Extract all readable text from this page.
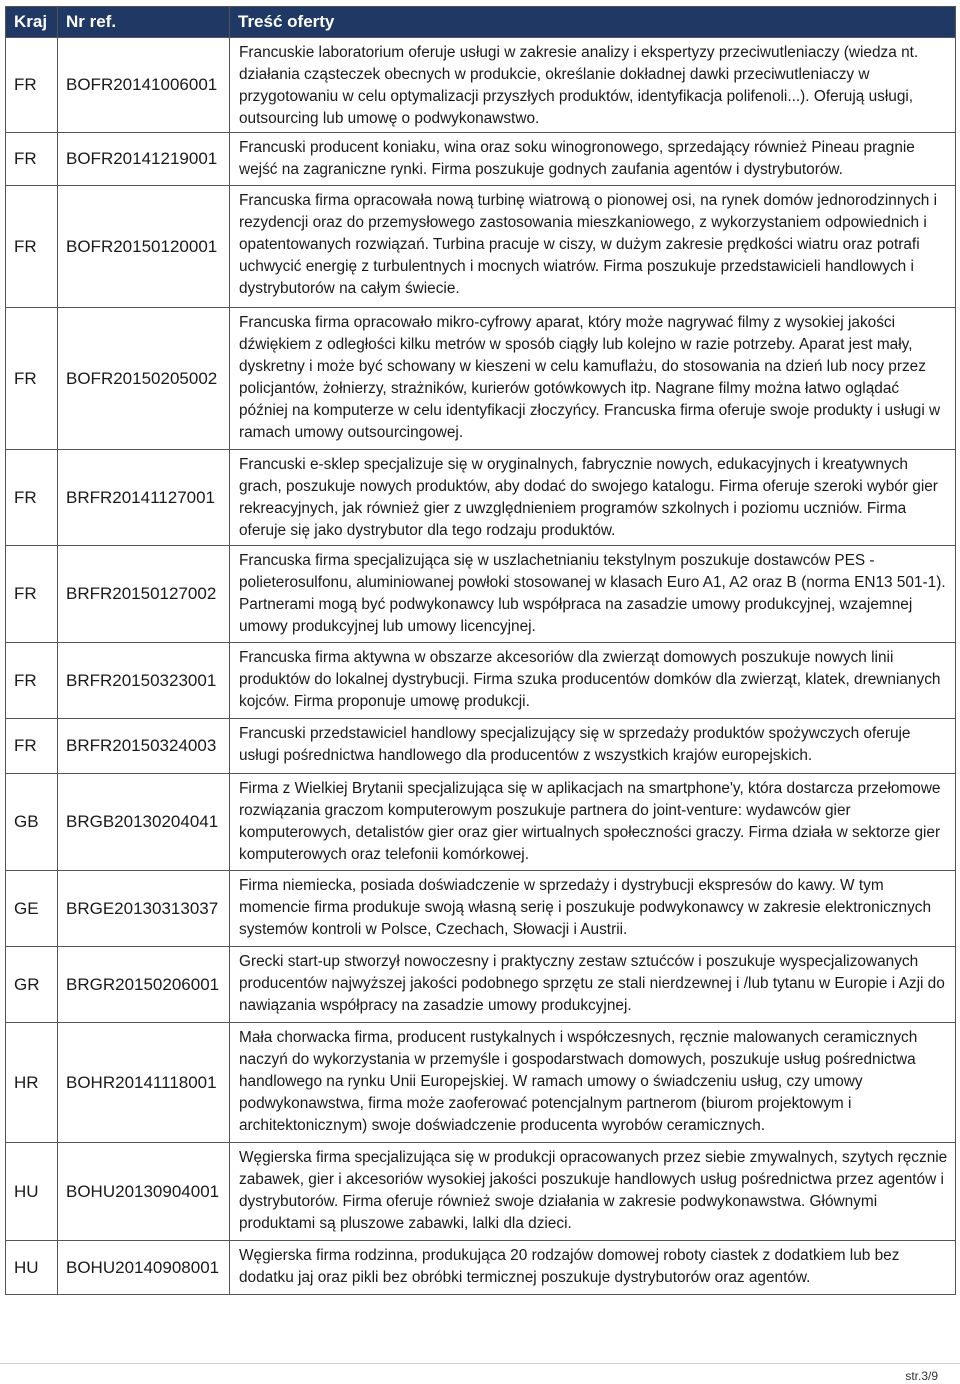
Kraj	Nr ref.	Treść oferty
FR	BOFR20141006001	Francuskie laboratorium oferuje usługi w zakresie analizy i ekspertyzy przeciwutleniaczy (wiedza nt. działania cząsteczek obecnych w produkcie, określanie dokładnej dawki przeciwutleniaczy w przygotowaniu w celu optymalizacji przyszłych produktów, identyfikacja polifenoli...). Oferują usługi, outsourcing lub umowę o podwykonawstwo.
FR	BOFR20141219001	Francuski producent koniaku, wina oraz soku winogronowego, sprzedający również Pineau pragnie wejść na zagraniczne rynki. Firma poszukuje godnych zaufania agentów i dystrybutorów.
FR	BOFR20150120001	Francuska firma opracowała nową turbinę wiatrową o pionowej osi, na rynek domów jednorodzinnych i rezydencji oraz do przemysłowego zastosowania mieszkaniowego, z wykorzystaniem odpowiednich i opatentowanych rozwiązań. Turbina pracuje w ciszy, w dużym zakresie prędkości wiatru oraz potrafi uchwycić energię z turbulentnych i mocnych wiatrów. Firma poszukuje przedstawicieli handlowych i dystrybutorów na całym świecie.
FR	BOFR20150205002	Francuska firma opracowało mikro-cyfrowy aparat, który może nagrywać filmy z wysokiej jakości dźwiękiem z odległości kilku metrów w sposób ciągły lub kolejno w razie potrzeby. Aparat jest mały, dyskretny i może być schowany w kieszeni w celu kamuflażu, do stosowania na dzień lub nocy przez policjantów, żołnierzy, strażników, kurierów gotówkowych itp. Nagrane filmy można łatwo oglądać później na komputerze w celu identyfikacji złoczyńcy. Francuska firma oferuje swoje produkty i usługi w ramach umowy outsourcingowej.
FR	BRFR20141127001	Francuski e-sklep specjalizuje się w oryginalnych, fabrycznie nowych, edukacyjnych i kreatywnych grach, poszukuje nowych produktów, aby dodać do swojego katalogu. Firma oferuje szeroki wybór gier rekreacyjnych, jak również gier z uwzględnieniem programów szkolnych i poziomu uczniów. Firma oferuje się jako dystrybutor dla tego rodzaju produktów.
FR	BRFR20150127002	Francuska firma specjalizująca się w uszlachetnianiu tekstylnym poszukuje dostawców PES - polieterosulfonu, aluminiowanej powłoki stosowanej w klasach Euro A1, A2 oraz B (norma EN13 501-1). Partnerami mogą być podwykonawcy lub współpraca na zasadzie umowy produkcyjnej, wzajemnej umowy produkcyjnej lub umowy licencyjnej.
FR	BRFR20150323001	Francuska firma aktywna w obszarze akcesoriów dla zwierząt domowych poszukuje nowych linii produktów do lokalnej dystrybucji. Firma szuka producentów domków dla zwierząt, klatek, drewnianych kojców. Firma proponuje umowę produkcji.
FR	BRFR20150324003	Francuski przedstawiciel handlowy specjalizujący się w sprzedaży produktów spożywczych oferuje usługi pośrednictwa handlowego dla producentów z wszystkich krajów europejskich.
GB	BRGB20130204041	Firma z Wielkiej Brytanii specjalizująca się w aplikacjach na smartphone'y, która dostarcza przełomowe rozwiązania graczom komputerowym poszukuje partnera do joint-venture: wydawców gier komputerowych, detalistów gier oraz gier wirtualnych społeczności graczy. Firma działa w sektorze gier komputerowych oraz telefonii komórkowej.
GE	BRGE20130313037	Firma niemiecka, posiada doświadczenie w sprzedaży i dystrybucji ekspresów do kawy. W tym momencie firma produkuje swoją własną serię i poszukuje podwykonawcy w zakresie elektronicznych systemów kontroli w Polsce, Czechach, Słowacji i Austrii.
GR	BRGR20150206001	Grecki start-up stworzył nowoczesny i praktyczny zestaw sztućców i poszukuje wyspecjalizowanych producentów najwyższej jakości podobnego sprzętu ze stali nierdzewnej i /lub tytanu w Europie i Azji do nawiązania współpracy na zasadzie umowy produkcyjnej.
HR	BOHR20141118001	Mała chorwacka firma, producent rustykalnych i współczesnych, ręcznie malowanych ceramicznych naczyń do wykorzystania w przemyśle i gospodarstwach domowych, poszukuje usług pośrednictwa handlowego na rynku Unii Europejskiej. W ramach umowy o świadczeniu usług, czy umowy podwykonawstwa, firma może zaoferować potencjalnym partnerom (biurom projektowym i architektonicznym) swoje doświadczenie producenta wyrobów ceramicznych.
HU	BOHU20130904001	Węgierska firma specjalizująca się w produkcji opracowanych przez siebie zmywalnych, szytych ręcznie zabawek, gier i akcesoriów wysokiej jakości poszukuje handlowych usług pośrednictwa przez agentów i dystrybutorów. Firma oferuje również swoje działania w zakresie podwykonawstwa. Głównymi produktami są pluszowe zabawki, lalki dla dzieci.
HU	BOHU20140908001	Węgierska firma rodzinna, produkująca 20 rodzajów domowej roboty ciastek z dodatkiem lub bez dodatku jaj oraz pikli bez obróbki termicznej poszukuje dystrybutorów oraz agentów.
str.3/9
